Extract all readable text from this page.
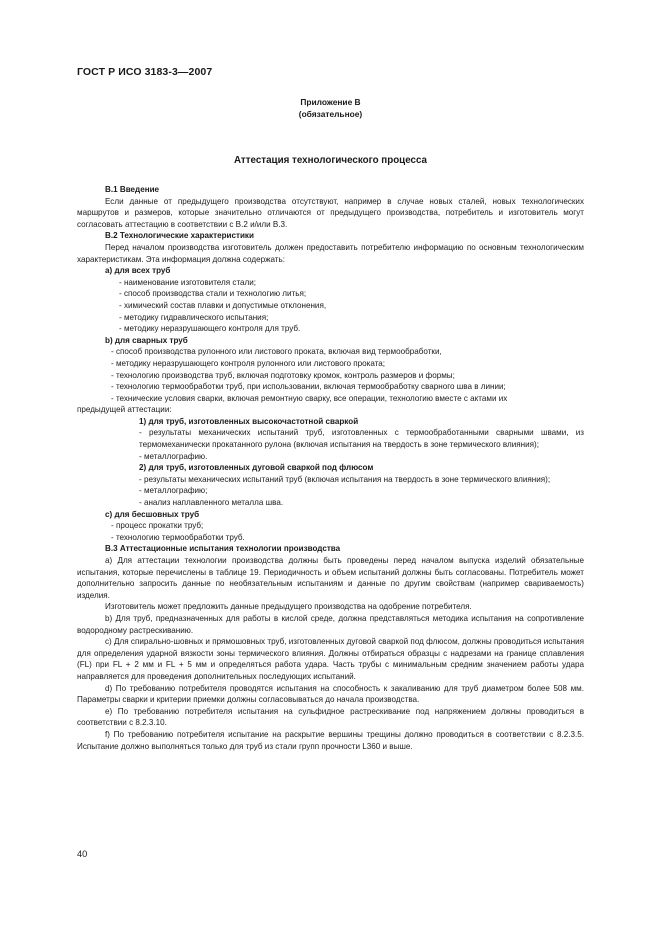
ГОСТ Р ИСО 3183-3—2007
Приложение В
(обязательное)
Аттестация технологического процесса

В.1 Введение

Если данные от предыдущего производства отсутствуют, например в случае новых сталей, новых технологических маршрутов и размеров, которые значительно отличаются от предыдущего производства, потребитель и изготовитель могут согласовать аттестацию в соответствии с В.2 и/или В.3.

В.2 Технологические характеристики

Перед началом производства изготовитель должен предоставить потребителю информацию по основным технологическим характеристикам. Эта информация должна содержать:

а) для всех труб

- наименование изготовителя стали;

- способ производства стали и технологию литья;

- химический состав плавки и допустимые отклонения,

- методику гидравлического испытания;

- методику неразрушающего контроля для труб.

b) для сварных труб

- способ производства рулонного или листового проката, включая вид термообработки,

- методику неразрушающего контроля рулонного или листового проката;

- технологию производства труб, включая подготовку кромок, контроль размеров и формы;

- технологию термообработки труб, при использовании, включая термообработку сварного шва в линии;

- технические условия сварки, включая ремонтную сварку, все операции, технологию вместе с актами их

предыдущей аттестации:

1) для труб, изготовленных высокочастотной сваркой

- результаты механических испытаний труб, изготовленных с термообработанными сварными швами, из термомеханически прокатанного рулона (включая испытания на твердость в зоне термического влияния);

- металлографию.

2) для труб, изготовленных дуговой сваркой под флюсом

- результаты механических испытаний труб (включая испытания на твердость в зоне термического влияния);

- металлографию;

- анализ наплавленного металла шва.

с) для бесшовных труб

- процесс прокатки труб;

- технологию термообработки труб.

В.3 Аттестационные испытания технологии производства

а) Для аттестации технологии производства должны быть проведены перед началом выпуска изделий обязательные испытания, которые перечислены в таблице 19. Периодичность и объем испытаний должны быть согласованы. Потребитель может дополнительно запросить данные по необязательным испытаниям и данные по другим свойствам (например свариваемость) изделия.

Изготовитель может предложить данные предыдущего производства на одобрение потребителя.

b) Для труб, предназначенных для работы в кислой среде, должна представляться методика испытания на сопротивление водородному растрескиванию.

с) Для спирально-шовных и прямошовных труб, изготовленных дуговой сваркой под флюсом, должны проводиться испытания для определения ударной вязкости зоны термического влияния. Должны отбираться образцы с надрезами на границе сплавления (FL) при FL + 2 мм и FL + 5 мм и определяться работа удара. Часть трубы с минимальным средним значением работы удара направляется для проведения дополнительных последующих испытаний.

d) По требованию потребителя проводятся испытания на способность к закаливанию для труб диаметром более 508 мм. Параметры сварки и критерии приемки должны согласовываться до начала производства.

е) По требованию потребителя испытания на сульфидное растрескивание под напряжением должны проводиться в соответствии с 8.2.3.10.

f) По требованию потребителя испытание на раскрытие вершины трещины должно проводиться в соответствии с 8.2.3.5. Испытание должно выполняться только для труб из стали групп прочности L360 и выше.

40
